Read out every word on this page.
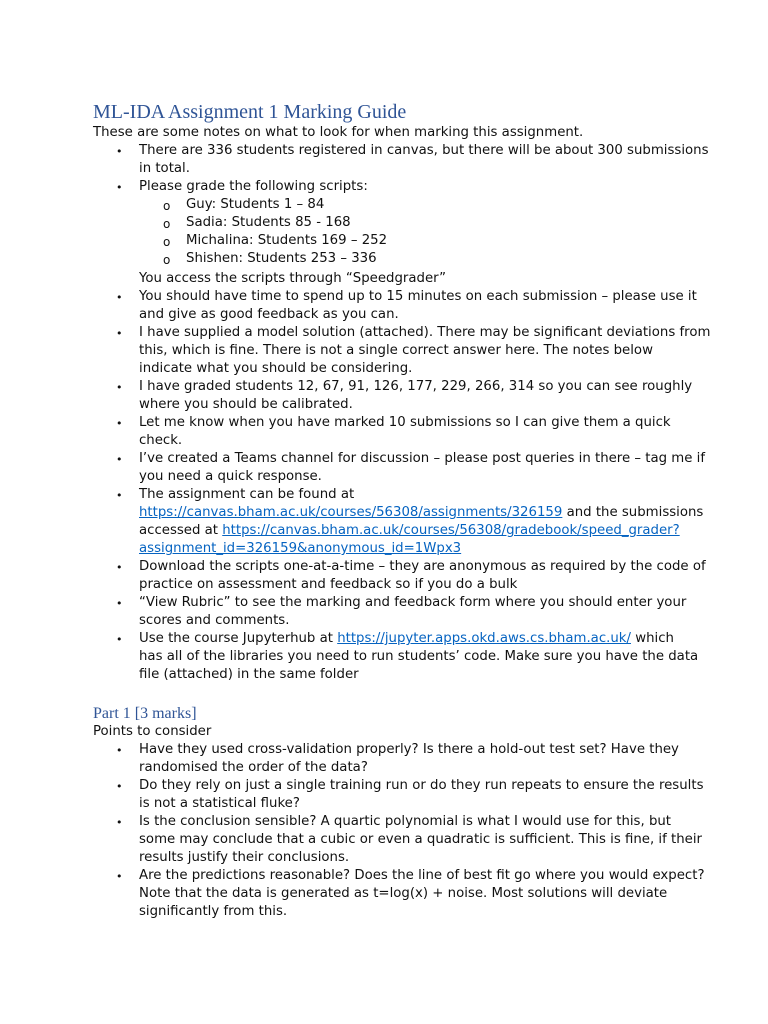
ML-IDA Assignment 1 Marking Guide
These are some notes on what to look for when marking this assignment.
• There are 336 students registered in canvas, but there will be about 300 submissions
in total.
• Please grade the following scripts:
o Guy: Students 1 – 84
o Sadia: Students 85 - 168
o Michalina: Students 169 – 252
o Shishen: Students 253 – 336
You access the scripts through “Speedgrader”
• You should have time to spend up to 15 minutes on each submission – please use it
and give as good feedback as you can.
• I have supplied a model solution (attached). There may be significant deviations from
this, which is fine. There is not a single correct answer here. The notes below
indicate what you should be considering.
• I have graded students 12, 67, 91, 126, 177, 229, 266, 314 so you can see roughly
where you should be calibrated.
• Let me know when you have marked 10 submissions so I can give them a quick
check.
• I’ve created a Teams channel for discussion – please post queries in there – tag me if
you need a quick response.
• The assignment can be found at
https://canvas.bham.ac.uk/courses/56308/assignments/326159 and the submissions
accessed at https://canvas.bham.ac.uk/courses/56308/gradebook/speed_grader?
assignment_id=326159&anonymous_id=1Wpx3
• Download the scripts one-at-a-time – they are anonymous as required by the code of
practice on assessment and feedback so if you do a bulk
• “View Rubric” to see the marking and feedback form where you should enter your
scores and comments.
• Use the course Jupyterhub at https://jupyter.apps.okd.aws.cs.bham.ac.uk/ which
has all of the libraries you need to run students’ code. Make sure you have the data
file (attached) in the same folder
Part 1 [3 marks]
Points to consider
• Have they used cross-validation properly? Is there a hold-out test set? Have they
randomised the order of the data?
• Do they rely on just a single training run or do they run repeats to ensure the results
is not a statistical fluke?
• Is the conclusion sensible? A quartic polynomial is what I would use for this, but
some may conclude that a cubic or even a quadratic is sufficient. This is fine, if their
results justify their conclusions.
• Are the predictions reasonable? Does the line of best fit go where you would expect?
Note that the data is generated as t=log(x) + noise. Most solutions will deviate
significantly from this.
